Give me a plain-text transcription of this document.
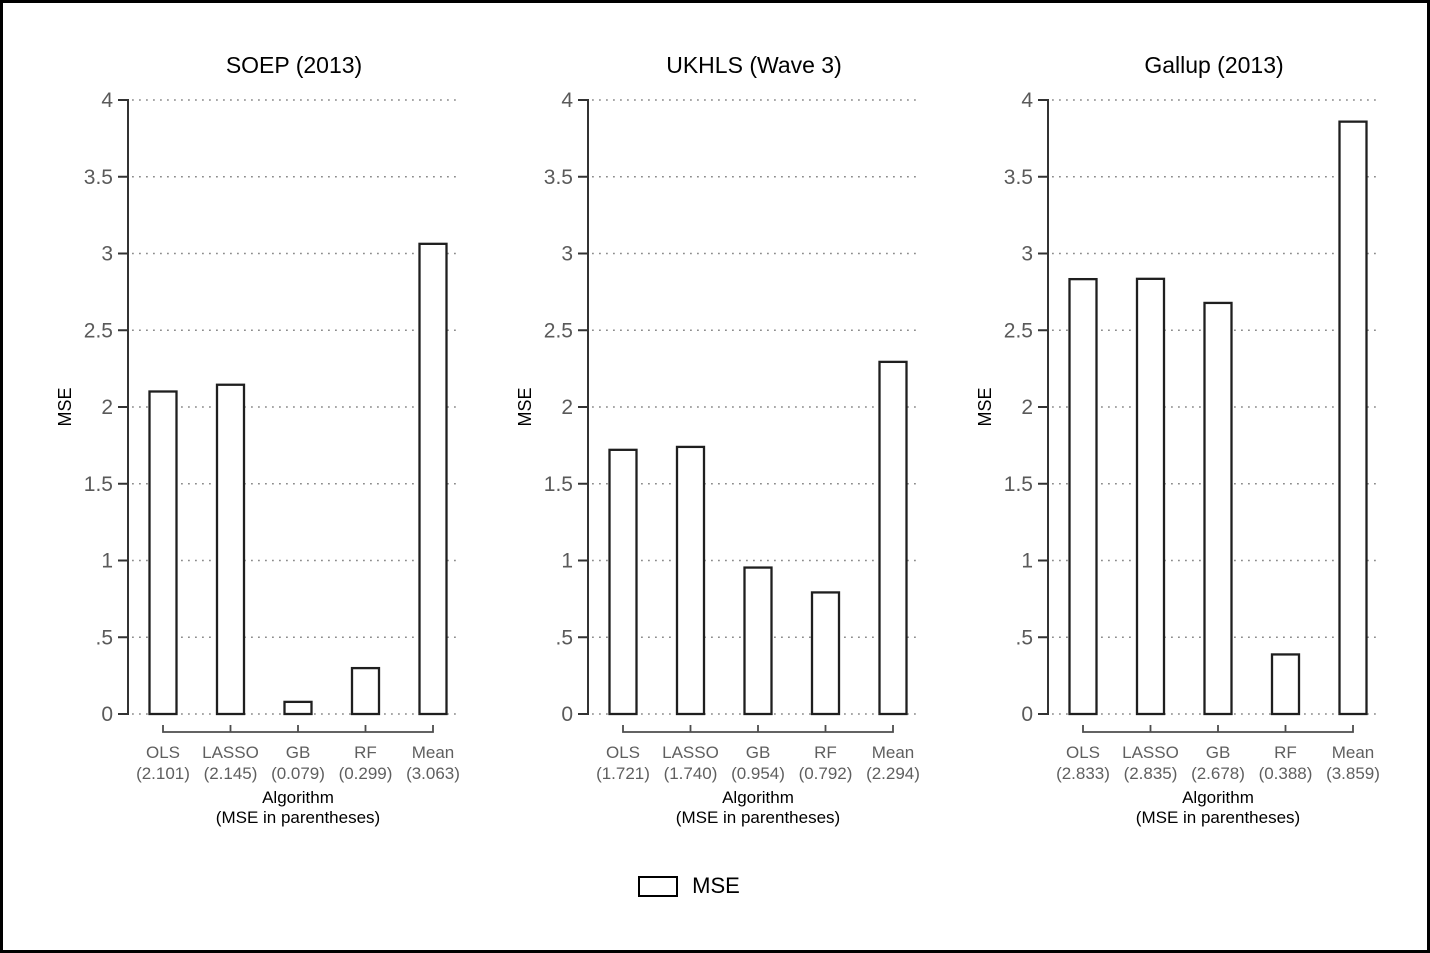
SOEP (2013)
0
.5
1
1.5
2
2.5
3
3.5
4
MSE
OLS
(2.101)
LASSO
(2.145)
GB
(0.079)
RF
(0.299)
Mean
(3.063)
Algorithm
(MSE in parentheses)
UKHLS (Wave 3)
0
.5
1
1.5
2
2.5
3
3.5
4
MSE
OLS
(1.721)
LASSO
(1.740)
GB
(0.954)
RF
(0.792)
Mean
(2.294)
Algorithm
(MSE in parentheses)
Gallup (2013)
0
.5
1
1.5
2
2.5
3
3.5
4
MSE
OLS
(2.833)
LASSO
(2.835)
GB
(2.678)
RF
(0.388)
Mean
(3.859)
Algorithm
(MSE in parentheses)
MSE
